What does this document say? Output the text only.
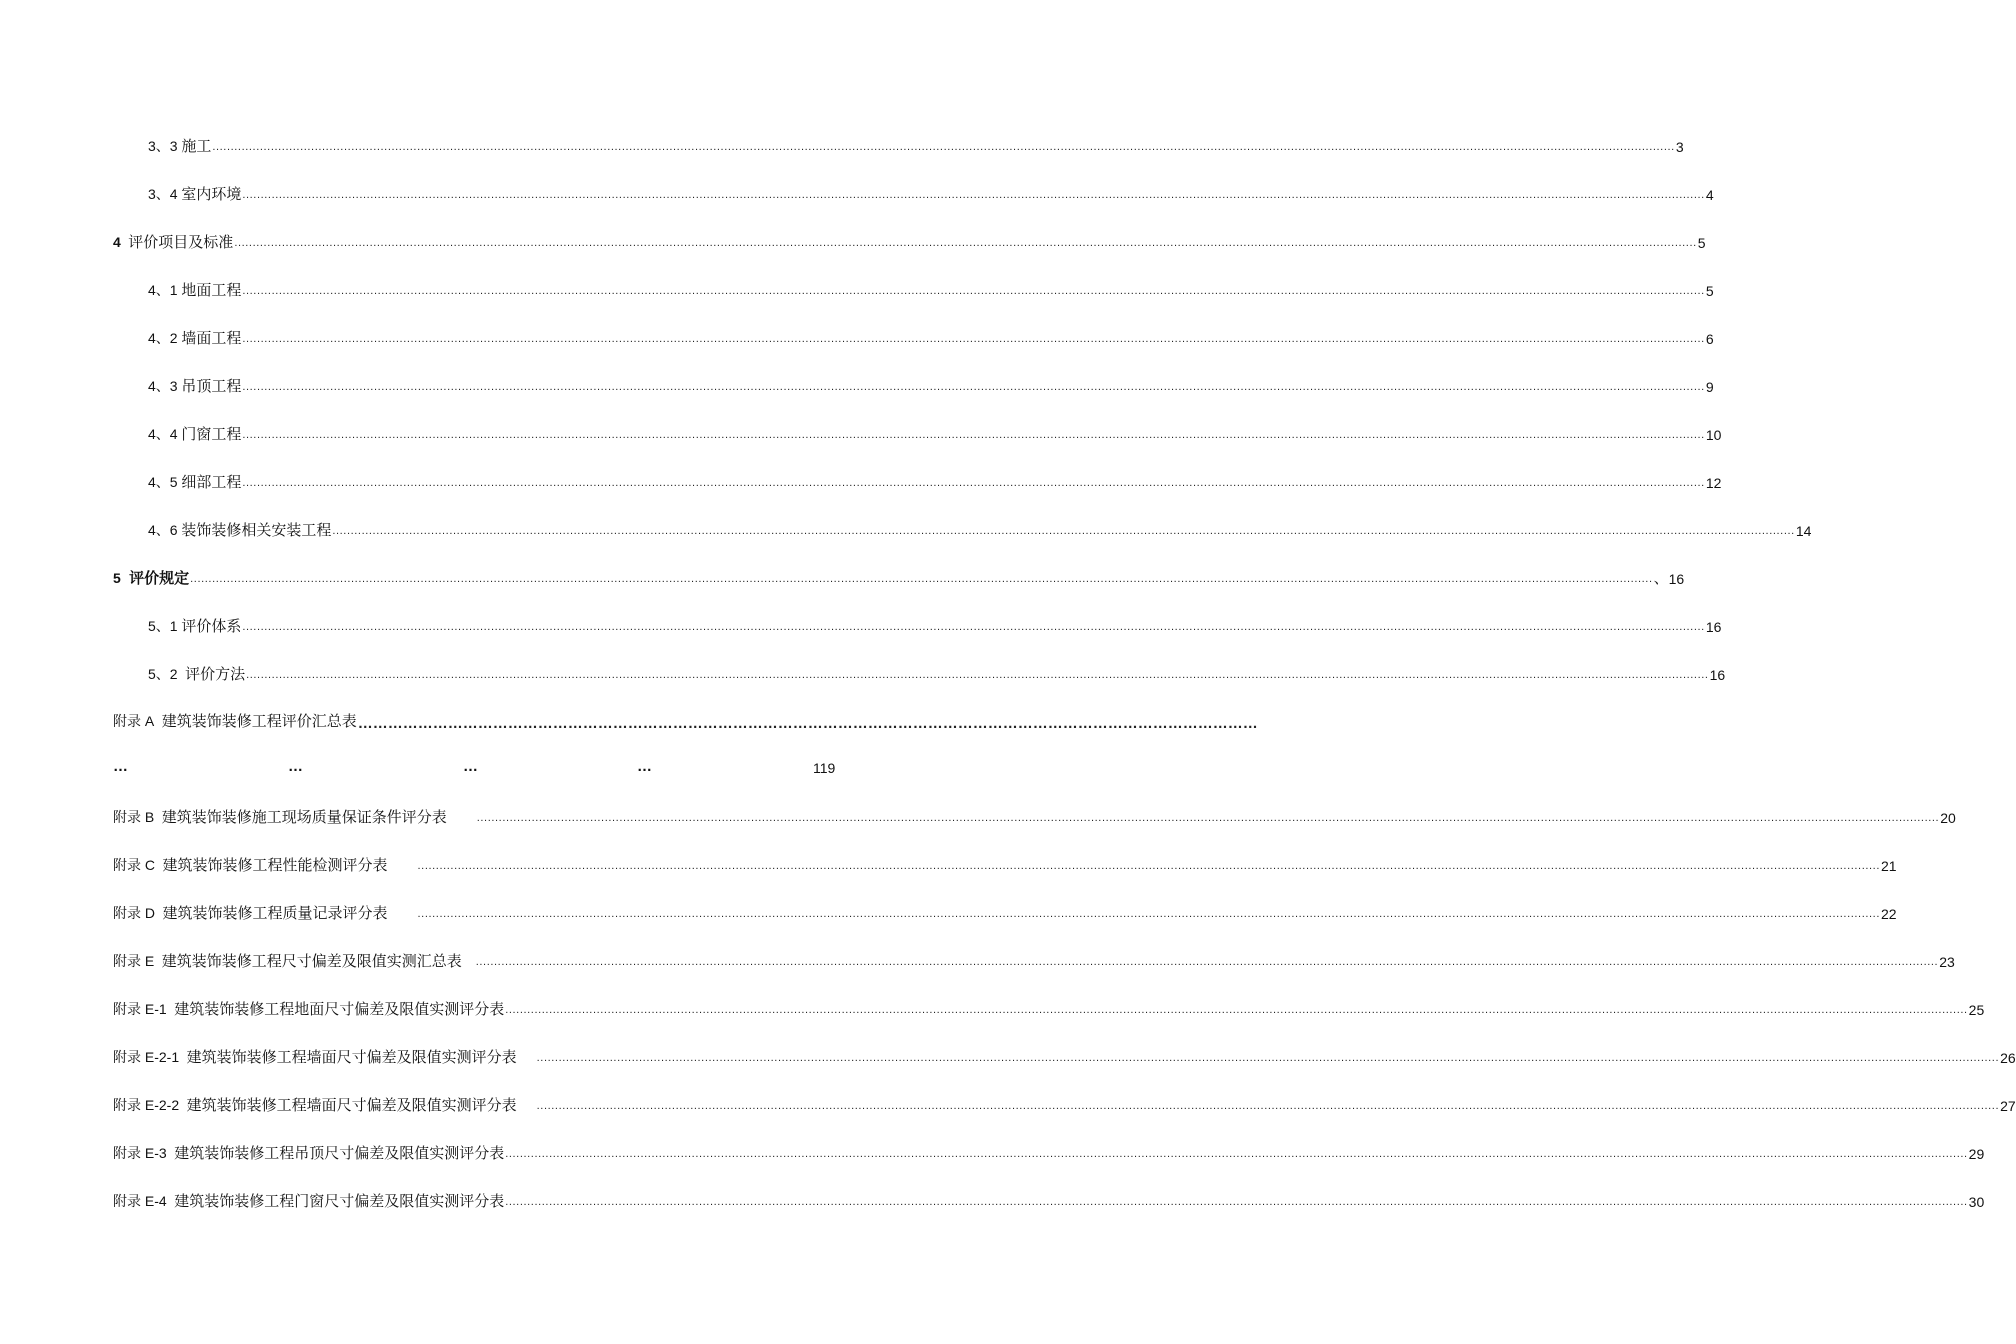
3、3 施工 ................................................................................................................................................................................................................................................................................................................................................................................................................ 3
3、4 室内环境 ................................................................................................................................................................................................................................................................................................................................................................................................................ 4
4 评价项目及标准 ................................................................................................................................................................................................................................................................................................................................................................................................................ 5
4、1 地面工程 ................................................................................................................................................................................................................................................................................................................................................................................................................ 5
4、2 墙面工程 ................................................................................................................................................................................................................................................................................................................................................................................................................ 6
4、3 吊顶工程 ................................................................................................................................................................................................................................................................................................................................................................................................................ 9
4、4 门窗工程 ................................................................................................................................................................................................................................................................................................................................................................................................................ 10
4、5 细部工程 ................................................................................................................................................................................................................................................................................................................................................................................................................ 12
4、6 装饰装修相关安装工程 ................................................................................................................................................................................................................................................................................................................................................................................................................ 14
5 评价规定 ................................................................................................................................................................................................................................................................................................................................................................................................................ 、 16
5、1 评价体系 ................................................................................................................................................................................................................................................................................................................................................................................................................ 16
5、2 评价方法 ................................................................................................................................................................................................................................................................................................................................................................................................................ 16
附录 A 建筑装饰装修工程评价汇总表 ………………………………………………………………………………………………………………………………………………………………
…	…	…	…	119
附录 B 建筑装饰装修施工现场质量保证条件评分表	................................................................................................................................................................................................................................................................................................................................................................................................................ 20
附录 C 建筑装饰装修工程性能检测评分表	................................................................................................................................................................................................................................................................................................................................................................................................................ 21
附录 D 建筑装饰装修工程质量记录评分表	................................................................................................................................................................................................................................................................................................................................................................................................................ 22
附录 E 建筑装饰装修工程尺寸偏差及限值实测汇总表 ................................................................................................................................................................................................................................................................................................................................................................................................................ 23
附录 E-1 建筑装饰装修工程地面尺寸偏差及限值实测评分表 ................................................................................................................................................................................................................................................................................................................................................................................................................ 25
附录 E-2-1 建筑装饰装修工程墙面尺寸偏差及限值实测评分表 ................................................................................................................................................................................................................................................................................................................................................................................................................ 26
附录 E-2-2 建筑装饰装修工程墙面尺寸偏差及限值实测评分表 ................................................................................................................................................................................................................................................................................................................................................................................................................ 27
附录 E-3 建筑装饰装修工程吊顶尺寸偏差及限值实测评分表 ................................................................................................................................................................................................................................................................................................................................................................................................................ 29
附录 E-4 建筑装饰装修工程门窗尺寸偏差及限值实测评分表 ................................................................................................................................................................................................................................................................................................................................................................................................................ 30
